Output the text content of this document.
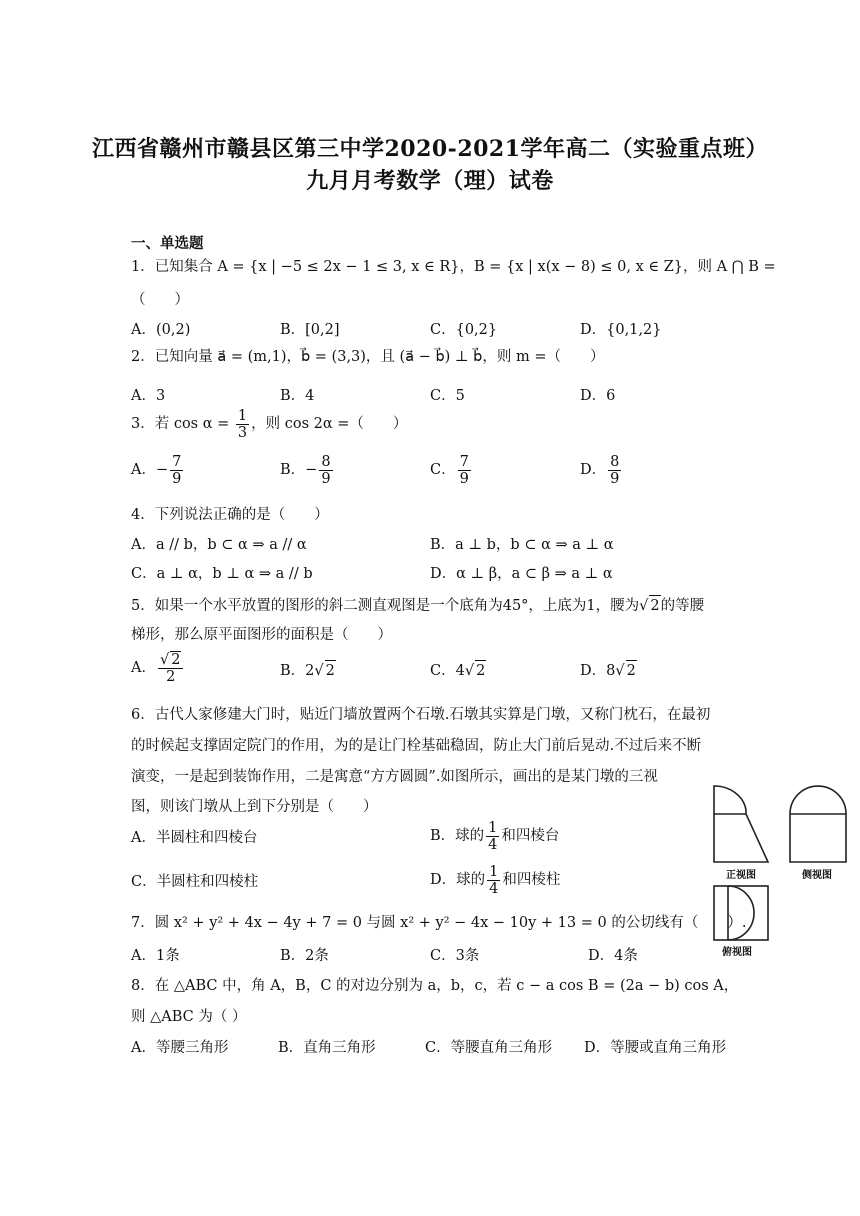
江西省赣州市赣县区第三中学2020-2021学年高二（实验重点班）
九月月考数学（理）试卷
一、单选题
1．已知集合 A = {x | −5 ≤ 2x − 1 ≤ 3, x ∈ R}，B = {x | x(x − 8) ≤ 0, x ∈ Z}，则 A ⋂ B =
（　　）
A．(0,2)	B．[0,2]	C．{0,2}	D．{0,1,2}
2．已知向量 a⃗ = (m,1)，b⃗ = (3,3)，且 (a⃗ − b⃗) ⊥ b⃗，则 m =（　　）
A．3	B．4	C．5	D．6
3．若 $\cos \alpha = \frac{1}{3}$ ，则 cos 2α =（　　）
A．− $\frac{7}{9}$	B．− $\frac{8}{9}$	C． $\frac{7}{9}$	D． $\frac{8}{9}$
4．下列说法正确的是（　　）
A．a // b，b ⊂ α ⇒ a // α	B．a ⊥ b，b ⊂ α ⇒ a ⊥ α
C．a ⊥ α，b ⊥ α ⇒ a // b	D．α ⊥ β，a ⊂ β ⇒ a ⊥ α
5．如果一个水平放置的图形的斜二测直观图是一个底角为45°，上底为1，腰为√ 2的等腰
梯形，那么原平面图形的面积是（　　）
A． $\frac{√ 2}{2}$	B．2√ 2	C．4√ 2	D．8√ 2
6．古代人家修建大门时，贴近门墙放置两个石墩.石墩其实算是门墩，又称门枕石，在最初
的时候起支撑固定院门的作用，为的是让门栓基础稳固，防止大门前后晃动.不过后来不断
演变，一是起到装饰作用，二是寓意“方方圆圆”.如图所示，画出的是某门墩的三视
图，则该门墩从上到下分别是（　　）
A．半圆柱和四棱台	B．球的 $\frac{1}{4}$ 和四棱台
C．半圆柱和四棱柱	D．球的 $\frac{1}{4}$ 和四棱柱	正视图	侧视图
俯视图
7．圆 x² + y² + 4x − 4y + 7 = 0 与圆 x² + y² − 4x − 10y + 13 = 0 的公切线有（　　）.
A．1条	B．2条	C．3条	D．4条
8．在 △ABC 中，角 A，B，C 的对边分别为 a，b，c，若 c − a cos B = (2a − b) cos A，
则 △ABC 为（ ）
A．等腰三角形	B．直角三角形	C．等腰直角三角形 D．等腰或直角三角形
